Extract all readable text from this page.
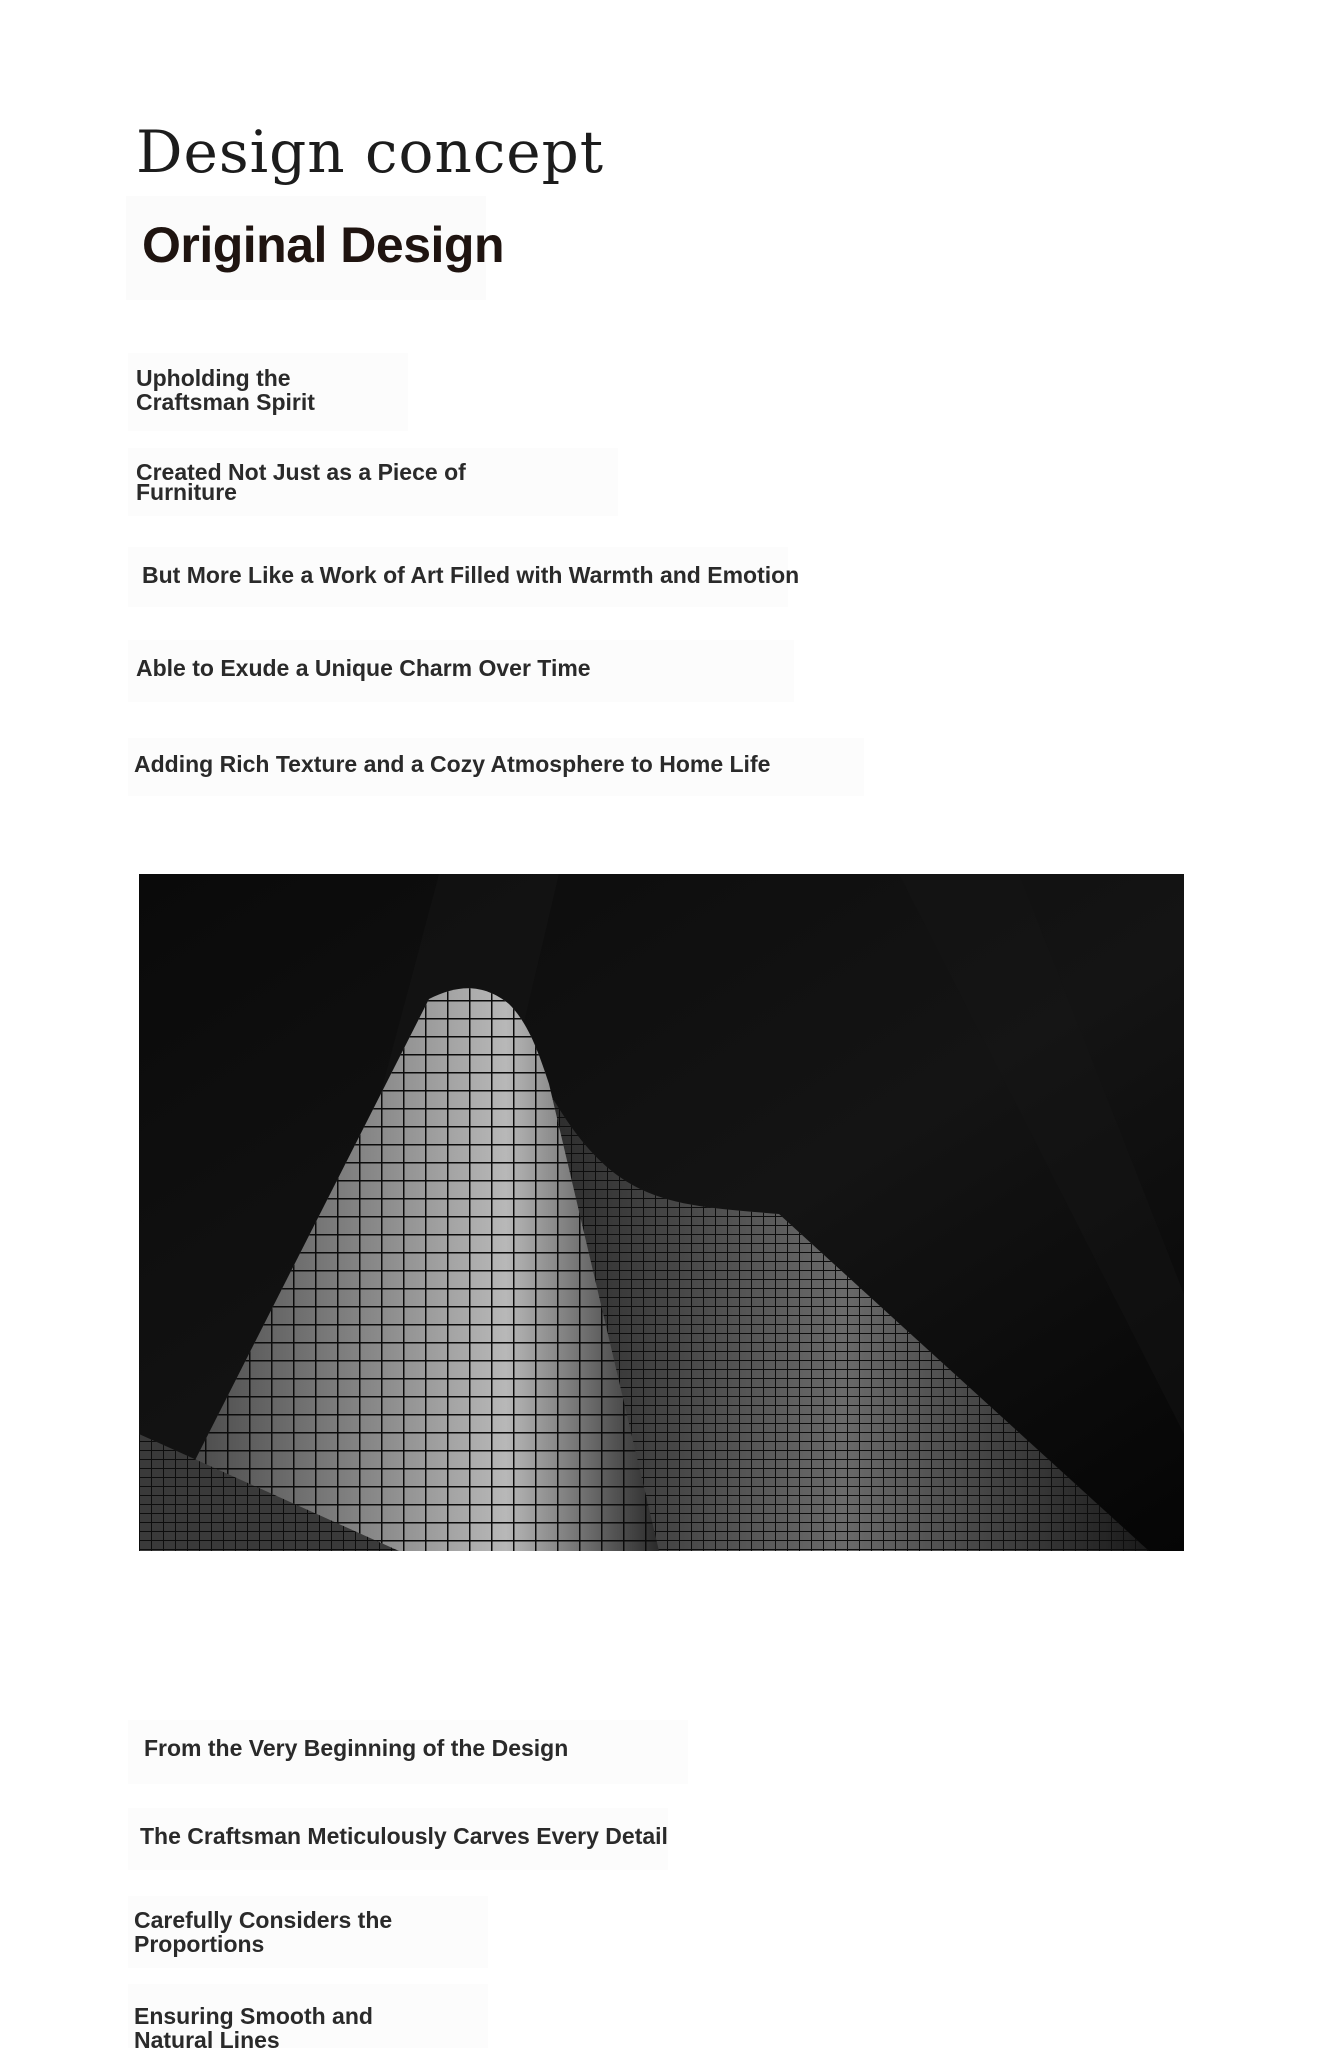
Design concept
Original Design
Upholding the Craftsman Spirit
Created Not Just as a Piece of Furniture
But More Like a Work of Art Filled with Warmth and Emotion
Able to Exude a Unique Charm Over Time
Adding Rich Texture and a Cozy Atmosphere to Home Life
From the Very Beginning of the Design
The Craftsman Meticulously Carves Every Detail
Carefully Considers the Proportions
Ensuring Smooth and Natural Lines
